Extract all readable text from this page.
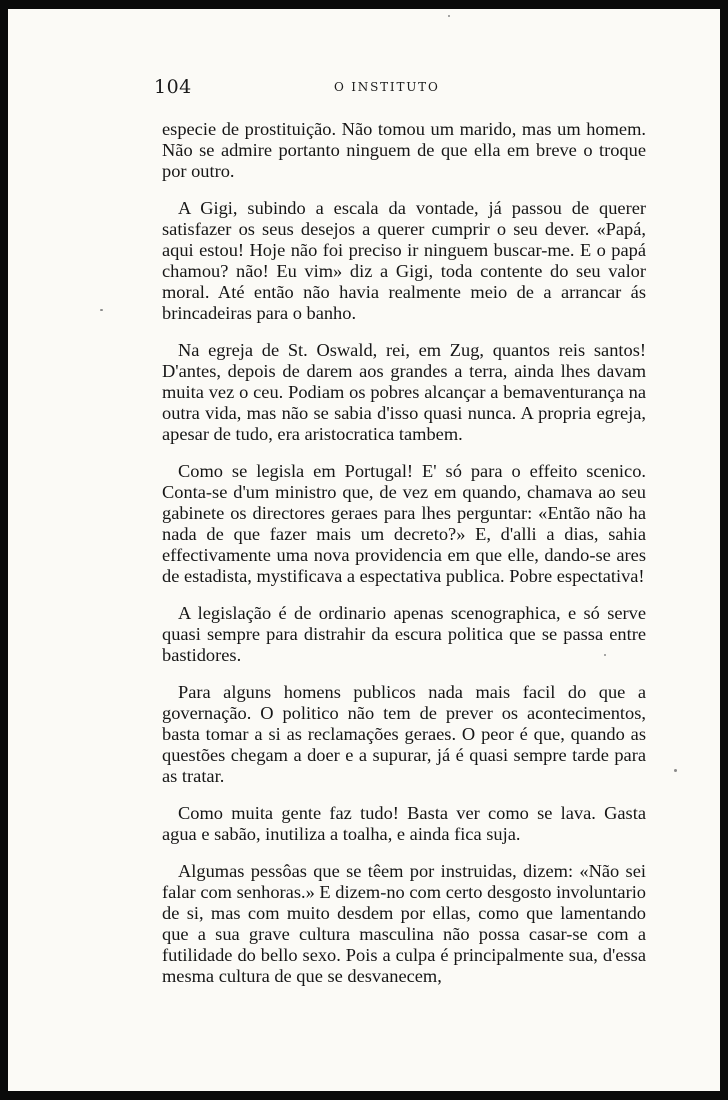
104	O INSTITUTO

especie de prostituição. Não tomou um marido, mas um homem. Não se admire portanto ninguem de que ella em breve o troque por outro.

A Gigi, subindo a escala da vontade, já passou de querer satisfazer os seus desejos a querer cumprir o seu dever. «Papá, aqui estou! Hoje não foi preciso ir ninguem buscar-me. E o papá chamou? não! Eu vim» diz a Gigi, toda contente do seu valor moral. Até então não havia realmente meio de a arrancar ás brincadeiras para o banho.

Na egreja de St. Oswald, rei, em Zug, quantos reis santos! D'antes, depois de darem aos grandes a terra, ainda lhes davam muita vez o ceu. Podiam os pobres alcançar a bemaventurança na outra vida, mas não se sabia d'isso quasi nunca. A propria egreja, apesar de tudo, era aristocratica tambem.

Como se legisla em Portugal! E' só para o effeito scenico. Conta-se d'um ministro que, de vez em quando, chamava ao seu gabinete os directores geraes para lhes perguntar: «Então não ha nada de que fazer mais um decreto?» E, d'alli a dias, sahia effectivamente uma nova providencia em que elle, dando-se ares de estadista, mystificava a espectativa publica. Pobre espectativa!

A legislação é de ordinario apenas scenographica, e só serve quasi sempre para distrahir da escura politica que se passa entre bastidores.

Para alguns homens publicos nada mais facil do que a governação. O politico não tem de prever os acontecimentos, basta tomar a si as reclamações geraes. O peor é que, quando as questões chegam a doer e a supurar, já é quasi sempre tarde para as tratar.

Como muita gente faz tudo! Basta ver como se lava. Gasta agua e sabão, inutiliza a toalha, e ainda fica suja.

Algumas pessôas que se têem por instruidas, dizem: «Não sei falar com senhoras.» E dizem-no com certo desgosto involuntario de si, mas com muito desdem por ellas, como que lamentando que a sua grave cultura masculina não possa casar-se com a futilidade do bello sexo. Pois a culpa é principalmente sua, d'essa mesma cultura de que se desvanecem,
